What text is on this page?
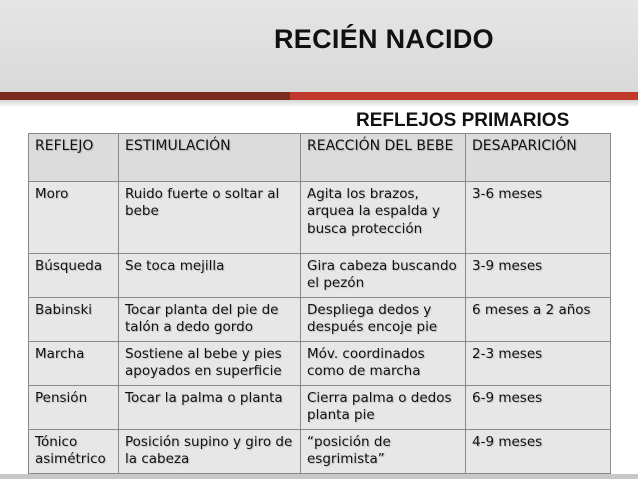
RECIÉN NACIDO
REFLEJOS PRIMARIOS
REFLEJO	ESTIMULACIÓN	REACCIÓN DEL BEBE	DESAPARICIÓN
Moro	Ruido fuerte o soltar al bebe	Agita los brazos, arquea la espalda y busca protección	3-6 meses
Búsqueda	Se toca mejilla	Gira cabeza buscando el pezón	3-9 meses
Babinski	Tocar planta del pie de talón a dedo gordo	Despliega dedos y después encoje pie	6 meses a 2 años
Marcha	Sostiene al bebe y pies apoyados en superficie	Móv. coordinados como de marcha	2-3 meses
Pensión	Tocar la palma o planta	Cierra palma o dedos planta pie	6-9 meses
Tónico asimétrico	Posición supino y giro de la cabeza	“posición de esgrimista”	4-9 meses
